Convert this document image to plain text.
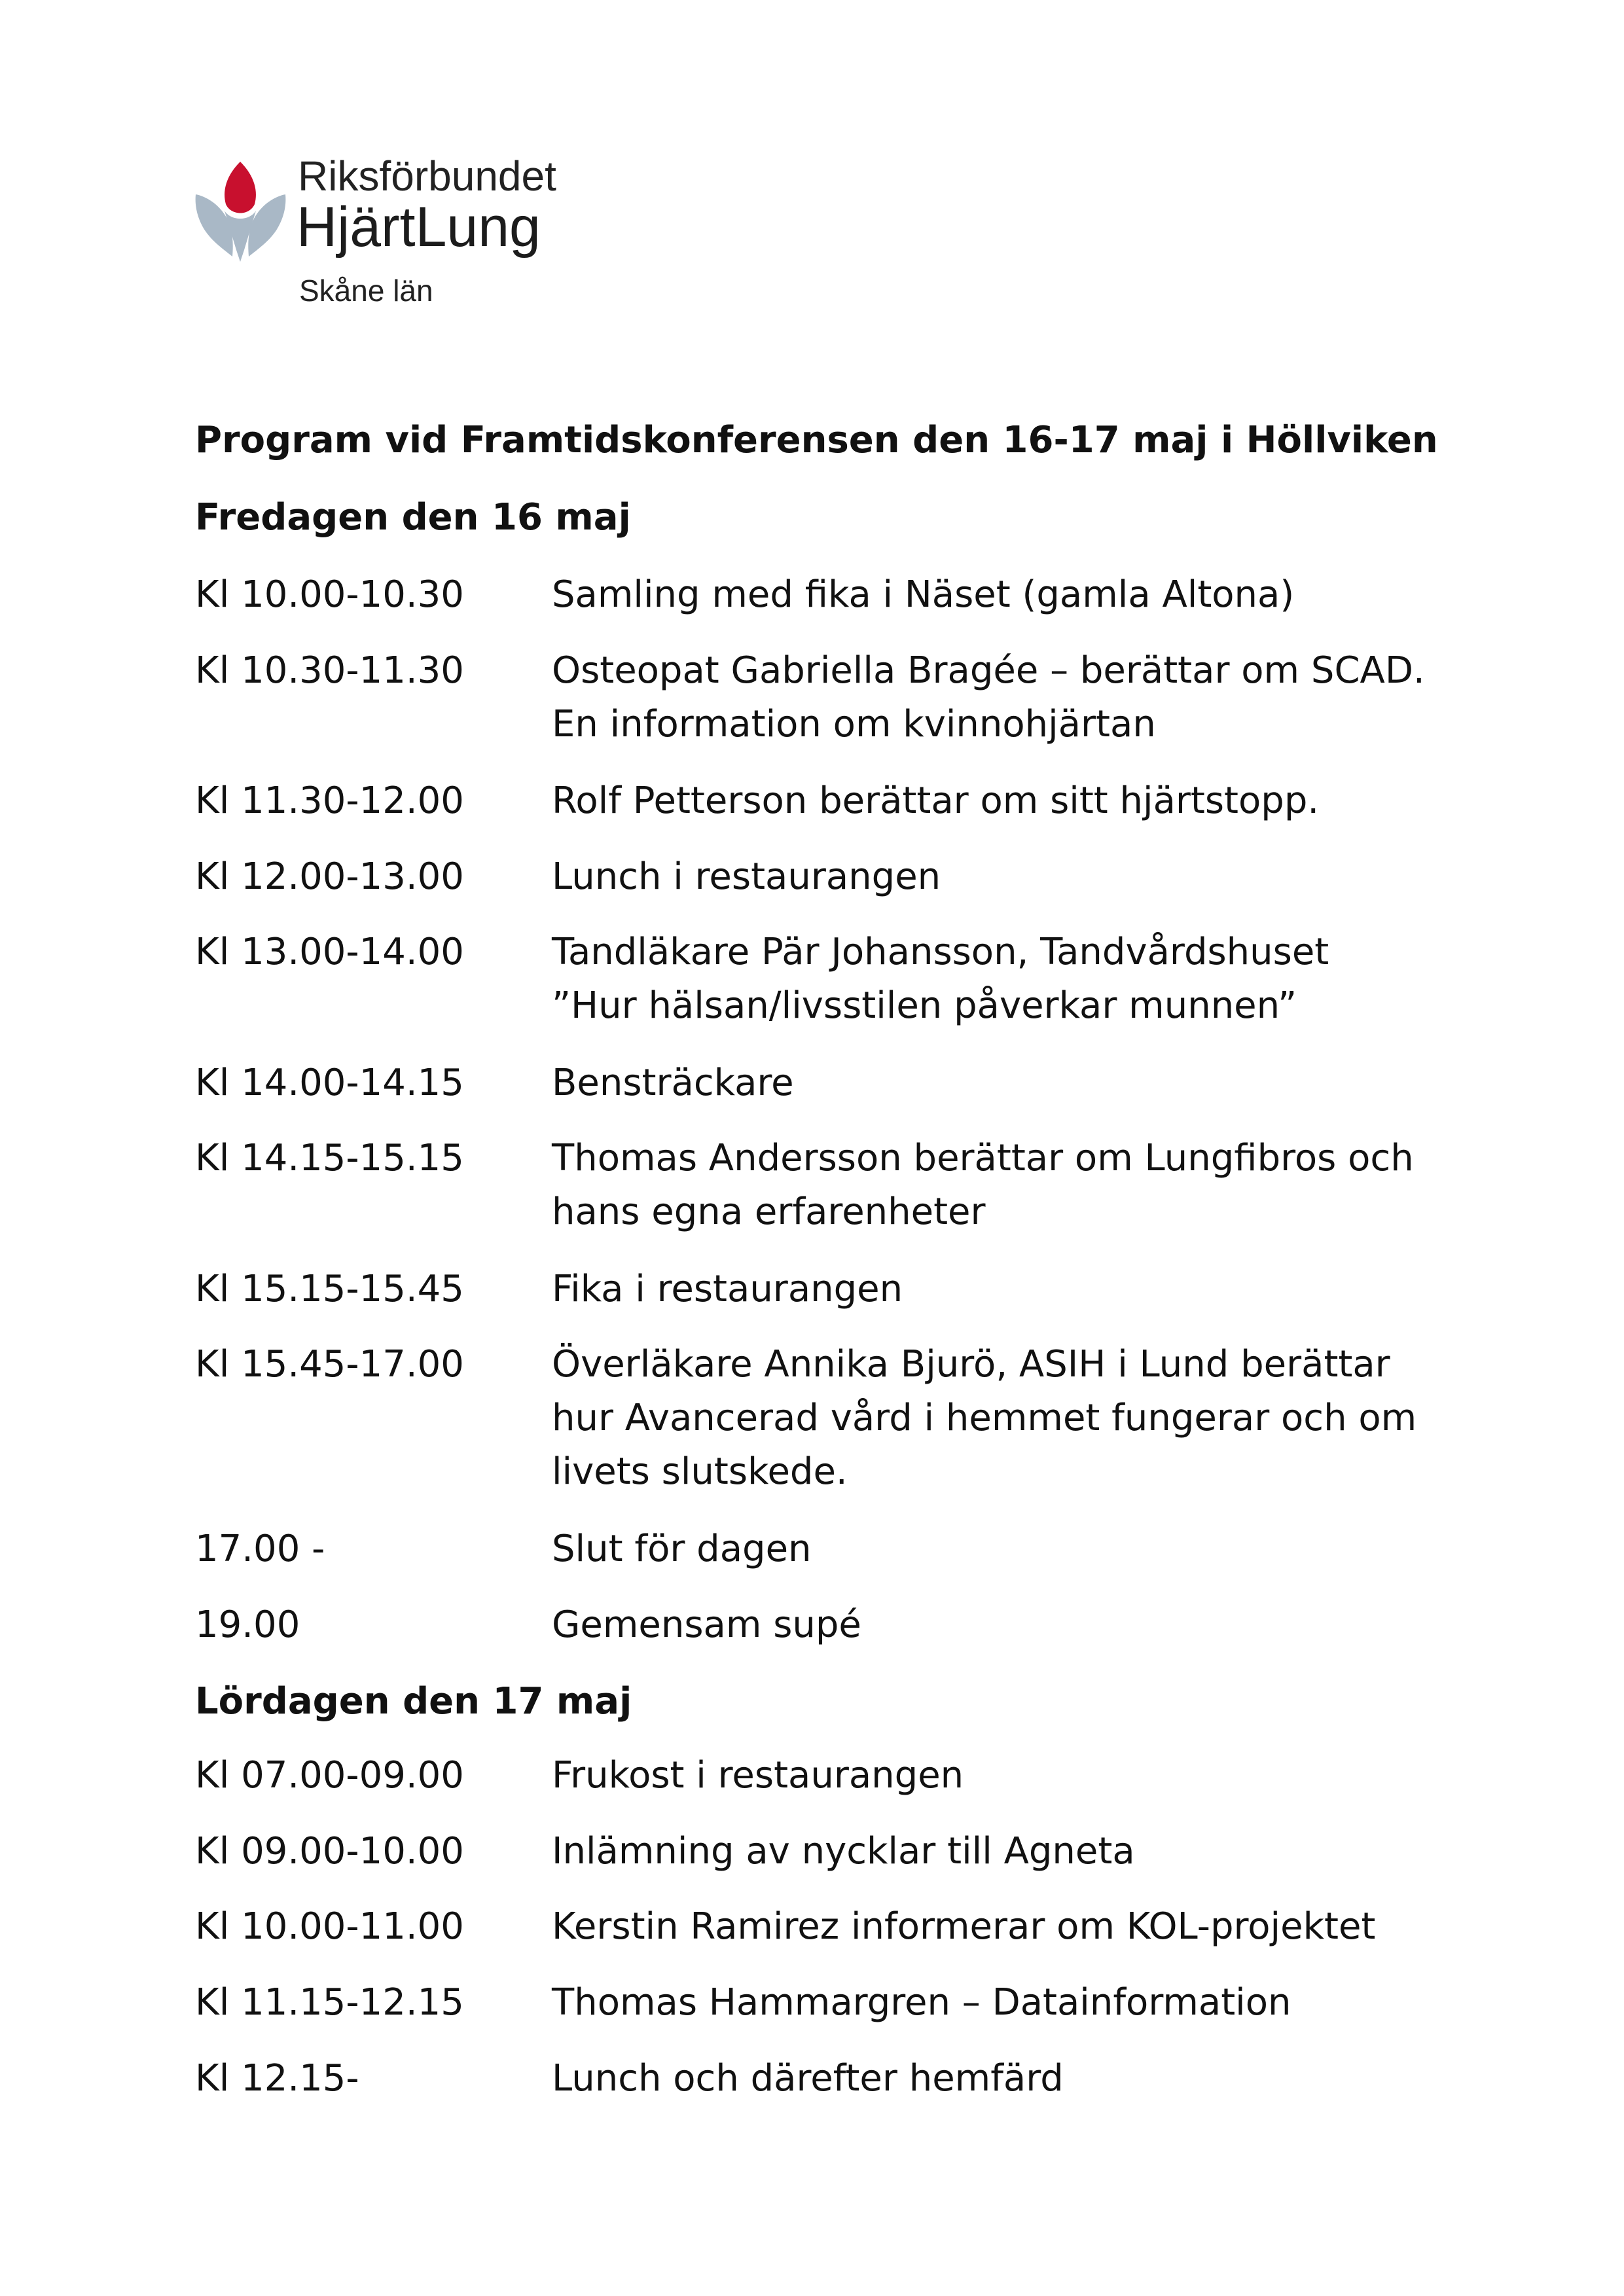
Riksförbundet
HjärtLung
Skåne län
Program vid Framtidskonferensen den 16-17 maj i Höllviken
Fredagen den 16 maj
Kl 10.00-10.30 Samling med fika i Näset (gamla Altona)
Kl 10.30-11.30 Osteopat Gabriella Bragée – berättar om SCAD.
En information om kvinnohjärtan
Kl 11.30-12.00 Rolf Petterson berättar om sitt hjärtstopp.
Kl 12.00-13.00 Lunch i restaurangen
Kl 13.00-14.00 Tandläkare Pär Johansson, Tandvårdshuset
”Hur hälsan/livsstilen påverkar munnen”
Kl 14.00-14.15 Bensträckare
Kl 14.15-15.15 Thomas Andersson berättar om Lungfibros och
hans egna erfarenheter
Kl 15.15-15.45 Fika i restaurangen
Kl 15.45-17.00 Överläkare Annika Bjurö, ASIH i Lund berättar
hur Avancerad vård i hemmet fungerar och om
livets slutskede.
17.00 -	Slut för dagen
19.00	Gemensam supé
Lördagen den 17 maj
Kl 07.00-09.00 Frukost i restaurangen
Kl 09.00-10.00 Inlämning av nycklar till Agneta
Kl 10.00-11.00 Kerstin Ramirez informerar om KOL-projektet
Kl 11.15-12.15 Thomas Hammargren – Datainformation
Kl 12.15-	Lunch och därefter hemfärd
